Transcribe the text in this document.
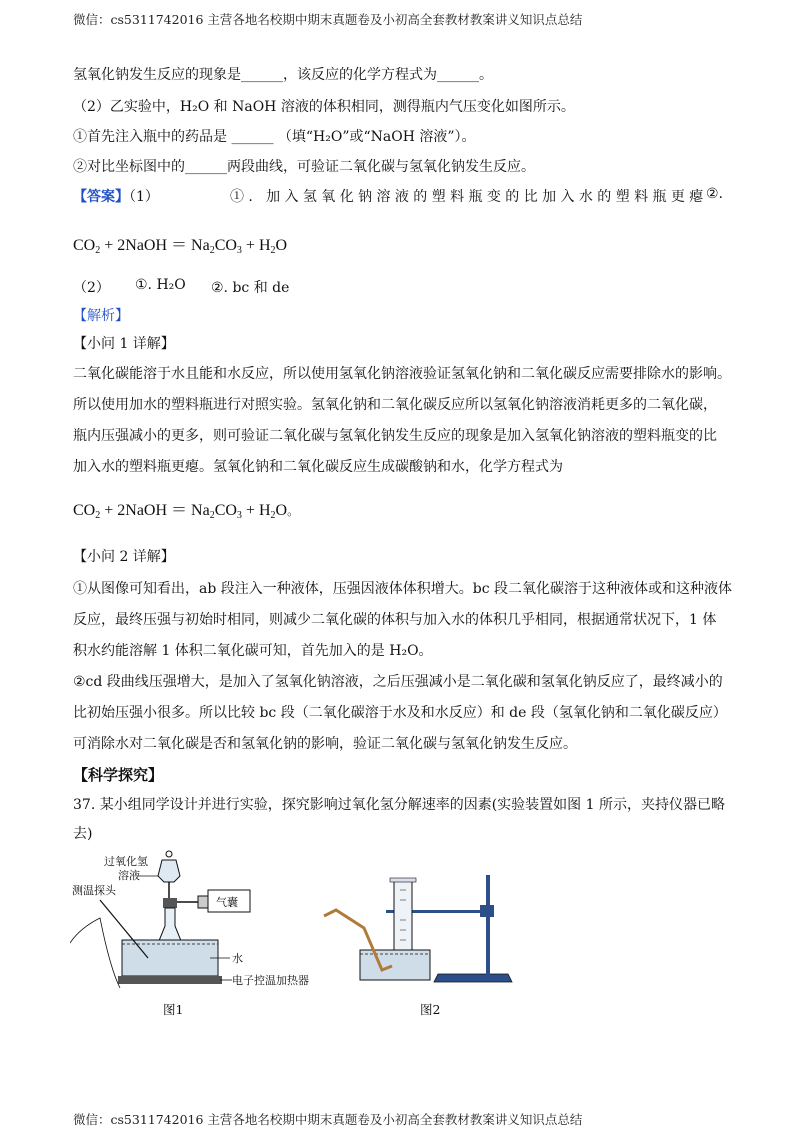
微信：cs5311742016 主营各地名校期中期末真题卷及小初高全套教材教案讲义知识点总结
氢氧化钠发生反应的现象是______，该反应的化学方程式为______。
（2）乙实验中，H₂O 和 NaOH 溶液的体积相同，测得瓶内气压变化如图所示。
①首先注入瓶中的药品是 ______ （填“H₂O”或“NaOH 溶液”）。
②对比坐标图中的______两段曲线，可验证二氧化碳与氢氧化钠发生反应。
【答案】（1）	①. 加入氢氧化钠溶液的塑料瓶变的比加入水的塑料瓶更瘪
②.
$CO_2$ + 2NaOH ＝ $Na_2CO_3 + H_2O$
（2） ①. H₂O ②. bc 和 de
【解析】
【小问 1 详解】
二氧化碳能溶于水且能和水反应，所以使用氢氧化钠溶液验证氢氧化钠和二氧化碳反应需要排除水的影响。
所以使用加水的塑料瓶进行对照实验。氢氧化钠和二氧化碳反应所以氢氧化钠溶液消耗更多的二氧化碳，
瓶内压强减小的更多，则可验证二氧化碳与氢氧化钠发生反应的现象是加入氢氧化钠溶液的塑料瓶变的比
加入水的塑料瓶更瘪。氢氧化钠和二氧化碳反应生成碳酸钠和水，化学方程式为
$CO_2$ + 2NaOH ＝ $Na_2CO_3 + H_2O$。
【小问 2 详解】
①从图像可知看出，ab 段注入一种液体，压强因液体体积增大。bc 段二氧化碳溶于这种液体或和这种液体
反应，最终压强与初始时相同，则减少二氧化碳的体积与加入水的体积几乎相同，根据通常状况下，1 体
积水约能溶解 1 体积二氧化碳可知，首先加入的是 H₂O。
②cd 段曲线压强增大，是加入了氢氧化钠溶液，之后压强减小是二氧化碳和氢氧化钠反应了，最终减小的
比初始压强小很多。所以比较 bc 段（二氧化碳溶于水及和水反应）和 de 段（氢氧化钠和二氧化碳反应）
可消除水对二氧化碳是否和氢氧化钠的影响，验证二氧化碳与氢氧化钠发生反应。
【科学探究】
37. 某小组同学设计并进行实验，探究影响过氧化氢分解速率的因素(实验装置如图 1 所示，夹持仪器已略
去)
过氧化氢
溶液
测温探头
气囊
水
电子控温加热器
图1	图2
微信：cs5311742016 主营各地名校期中期末真题卷及小初高全套教材教案讲义知识点总结
